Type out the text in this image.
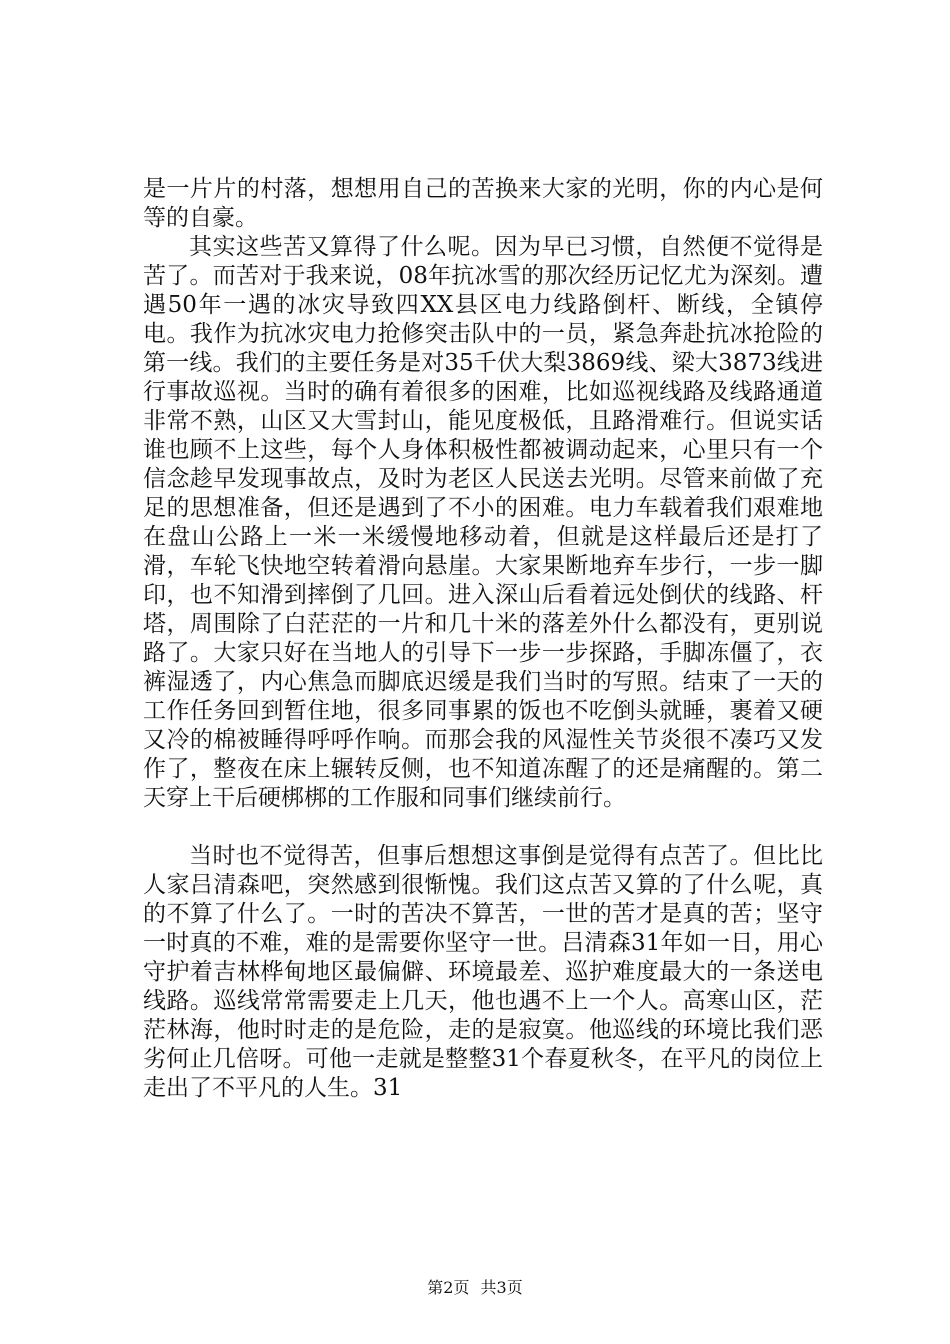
是一片片的村落，想想用自己的苦换来大家的光明，你的内心是何等的自豪。

其实这些苦又算得了什么呢。因为早已习惯，自然便不觉得是苦了。而苦对于我来说，08年抗冰雪的那次经历记忆尤为深刻。遭遇50年一遇的冰灾导致四XX县区电力线路倒杆、断线，全镇停电。我作为抗冰灾电力抢修突击队中的一员，紧急奔赴抗冰抢险的第一线。我们的主要任务是对35千伏大梨3869线、梁大3873线进行事故巡视。当时的确有着很多的困难，比如巡视线路及线路通道非常不熟，山区又大雪封山，能见度极低，且路滑难行。但说实话谁也顾不上这些，每个人身体积极性都被调动起来，心里只有一个信念趁早发现事故点，及时为老区人民送去光明。尽管来前做了充足的思想准备，但还是遇到了不小的困难。电力车载着我们艰难地在盘山公路上一米一米缓慢地移动着，但就是这样最后还是打了滑，车轮飞快地空转着滑向悬崖。大家果断地弃车步行，一步一脚印，也不知滑到摔倒了几回。进入深山后看着远处倒伏的线路、杆塔，周围除了白茫茫的一片和几十米的落差外什么都没有，更别说路了。大家只好在当地人的引导下一步一步探路，手脚冻僵了，衣裤湿透了，内心焦急而脚底迟缓是我们当时的写照。结束了一天的工作任务回到暂住地，很多同事累的饭也不吃倒头就睡，裹着又硬又冷的棉被睡得呼呼作响。而那会我的风湿性关节炎很不凑巧又发作了，整夜在床上辗转反侧，也不知道冻醒了的还是痛醒的。第二天穿上干后硬梆梆的工作服和同事们继续前行。

当时也不觉得苦，但事后想想这事倒是觉得有点苦了。但比比人家吕清森吧，突然感到很惭愧。我们这点苦又算的了什么呢，真的不算了什么了。一时的苦决不算苦，一世的苦才是真的苦；坚守一时真的不难，难的是需要你坚守一世。吕清森31年如一日，用心守护着吉林桦甸地区最偏僻、环境最差、巡护难度最大的一条送电线路。巡线常常需要走上几天，他也遇不上一个人。高寒山区，茫茫林海，他时时走的是危险，走的是寂寞。他巡线的环境比我们恶劣何止几倍呀。可他一走就是整整31个春夏秋冬，在平凡的岗位上走出了不平凡的人生。31

第2页 共3页
